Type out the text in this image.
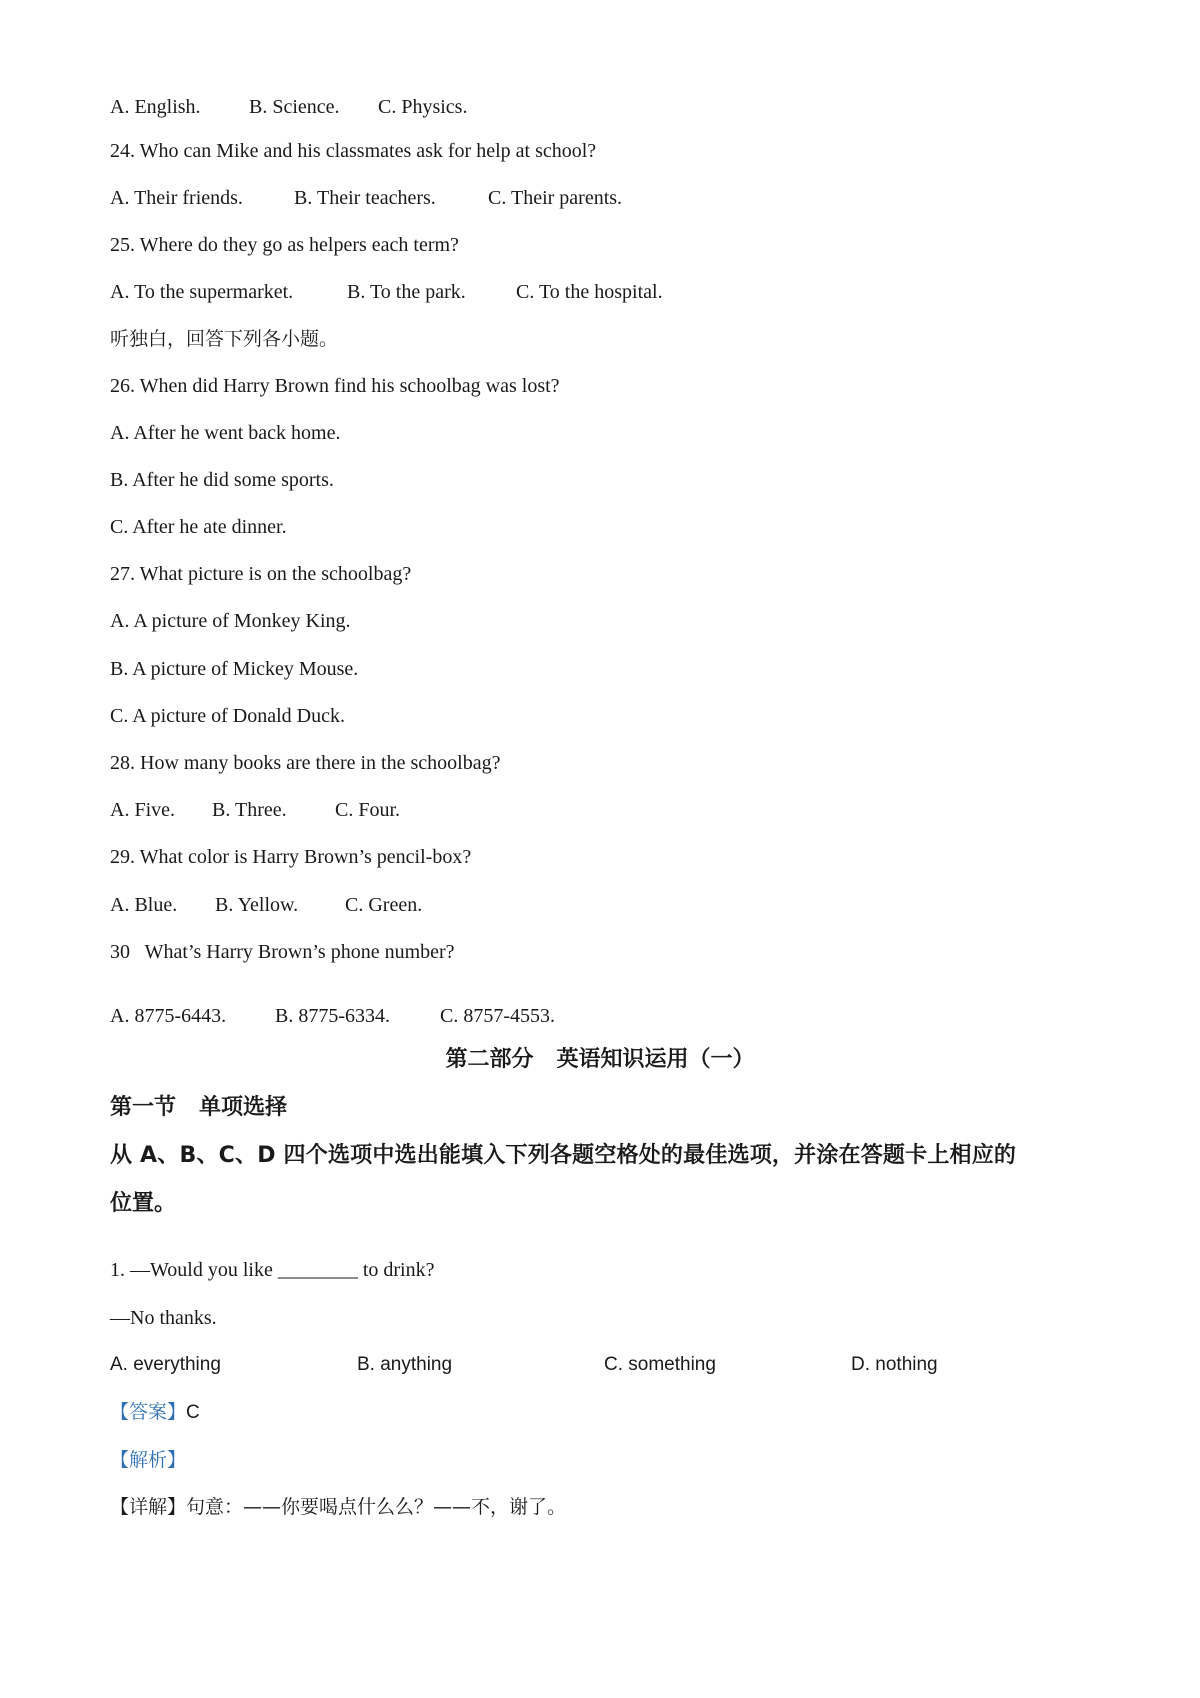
A. English. B. Science. C. Physics.
24. Who can Mike and his classmates ask for help at school?
A. Their friends.	B. Their teachers.	C. Their parents.
25. Where do they go as helpers each term?
A. To the supermarket.	B. To the park.	C. To the hospital.
听独白，回答下列各小题。
26. When did Harry Brown find his schoolbag was lost?
A. After he went back home.
B. After he did some sports.
C. After he ate dinner.
27. What picture is on the schoolbag?
A. A picture of Monkey King.
B. A picture of Mickey Mouse.
C. A picture of Donald Duck.
28. How many books are there in the schoolbag?
A. Five. B. Three. C. Four.
29. What color is Harry Brown’s pencil-box?
A. Blue. B. Yellow. C. Green.
30   What’s Harry Brown’s phone number?
A. 8775-6443. B. 8775-6334.	C. 8757-4553.
第二部分   英语知识运用（一）
第一节   单项选择
从 A、B、C、D 四个选项中选出能填入下列各题空格处的最佳选项，并涂在答题卡上相应的
位置。
1. —Would you like ________ to drink?
—No thanks.
A. everything	B. anything	C. something	D. nothing
【答案】C
【解析】
【详解】句意：——你要喝点什么么？——不，谢了。
